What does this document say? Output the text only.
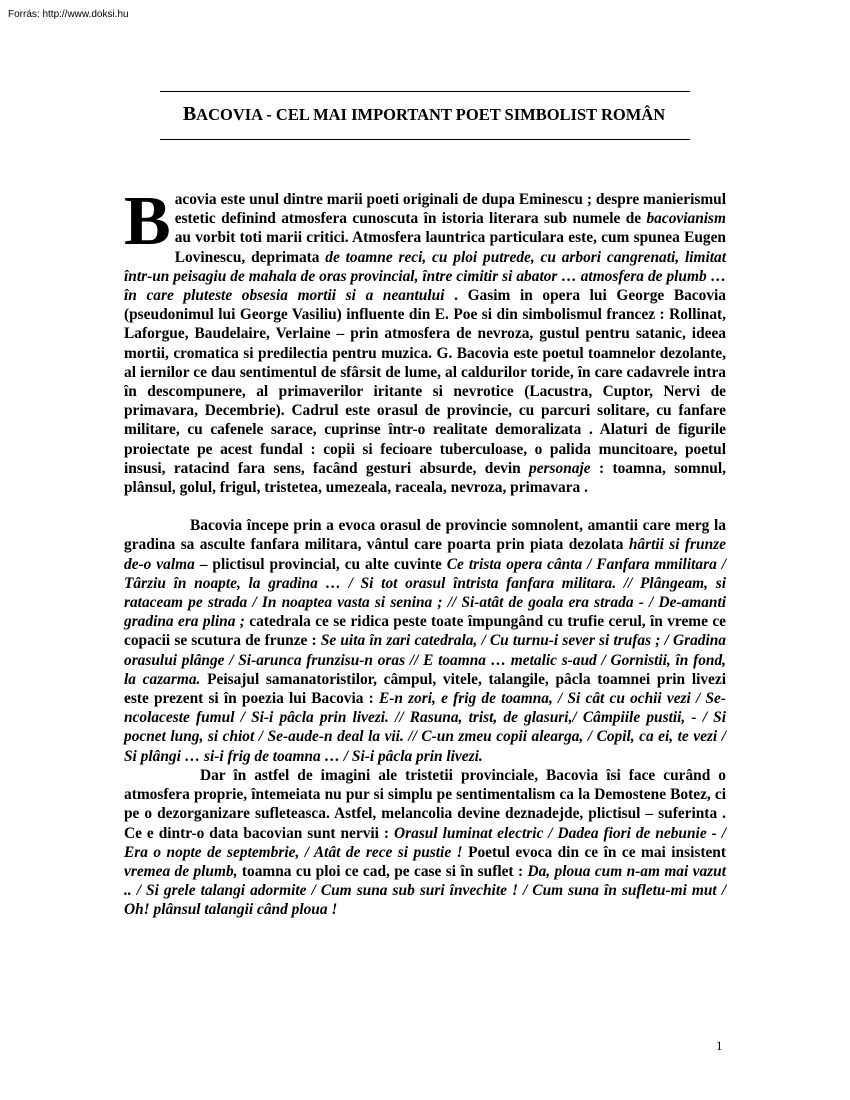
Forrás: http://www.doksi.hu
BACOVIA - CEL MAI IMPORTANT POET SIMBOLIST ROMÂN

Bacovia este unul dintre marii poeti originali de dupa Eminescu ; despre manierismul estetic definind atmosfera cunoscuta în istoria literara sub numele de bacovianism au vorbit toti marii critici. Atmosfera launtrica particulara este, cum spunea Eugen Lovinescu, deprimata de toamne reci, cu ploi putrede, cu arbori cangrenati, limitat într-un peisagiu de mahala de oras provincial, între cimitir si abator … atmosfera de plumb … în care pluteste obsesia mortii si a neantului . Gasim in opera lui George Bacovia (pseudonimul lui George Vasiliu) influente din E. Poe si din simbolismul francez : Rollinat, Laforgue, Baudelaire, Verlaine – prin atmosfera de nevroza, gustul pentru satanic, ideea mortii, cromatica si predilectia pentru muzica. G. Bacovia este poetul toamnelor dezolante, al iernilor ce dau sentimentul de sfârsit de lume, al caldurilor toride, în care cadavrele intra în descompunere, al primaverilor iritante si nevrotice (Lacustra, Cuptor, Nervi de primavara, Decembrie). Cadrul este orasul de provincie, cu parcuri solitare, cu fanfare militare, cu cafenele sarace, cuprinse într-o realitate demoralizata . Alaturi de figurile proiectate pe acest fundal : copii si fecioare tuberculoase, o palida muncitoare, poetul insusi, ratacind fara sens, facând gesturi absurde, devin personaje : toamna, somnul, plânsul, golul, frigul, tristetea, umezeala, raceala, nevroza, primavara .

Bacovia începe prin a evoca orasul de provincie somnolent, amantii care merg la gradina sa asculte fanfara militara, vântul care poarta prin piata dezolata hârtii si frunze de-o valma – plictisul provincial, cu alte cuvinte Ce trista opera cânta / Fanfara mmilitara / Târziu în noapte, la gradina … / Si tot orasul întrista fanfara militara. // Plângeam, si rataceam pe strada / In noaptea vasta si senina ; // Si-atât de goala era strada - / De-amanti gradina era plina ; catedrala ce se ridica peste toate împungând cu trufie cerul, în vreme ce copacii se scutura de frunze : Se uita în zari catedrala, / Cu turnu-i sever si trufas ; / Gradina orasului plânge / Si-arunca frunzisu-n oras // E toamna … metalic s-aud / Gornistii, în fond, la cazarma. Peisajul samanatoristilor, câmpul, vitele, talangile, pâcla toamnei prin livezi este prezent si în poezia lui Bacovia : E-n zori, e frig de toamna, / Si cât cu ochii vezi / Se-ncolaceste fumul / Si-i pâcla prin livezi. // Rasuna, trist, de glasuri,/ Câmpiile pustii, - / Si pocnet lung, si chiot / Se-aude-n deal la vii. // C-un zmeu copii alearga, / Copil, ca ei, te vezi / Si plângi … si-i frig de toamna … / Si-i pâcla prin livezi.

Dar în astfel de imagini ale tristetii provinciale, Bacovia îsi face curând o atmosfera proprie, întemeiata nu pur si simplu pe sentimentalism ca la Demostene Botez, ci pe o dezorganizare sufleteasca. Astfel, melancolia devine deznadejde, plictisul – suferinta . Ce e dintr-o data bacovian sunt nervii : Orasul luminat electric / Dadea fiori de nebunie - / Era o nopte de septembrie, / Atât de rece si pustie ! Poetul evoca din ce în ce mai insistent vremea de plumb, toamna cu ploi ce cad, pe case si în suflet : Da, ploua cum n-am mai vazut .. / Si grele talangi adormite / Cum suna sub suri învechite ! / Cum suna în sufletu-mi mut / Oh! plânsul talangii când ploua !

1
